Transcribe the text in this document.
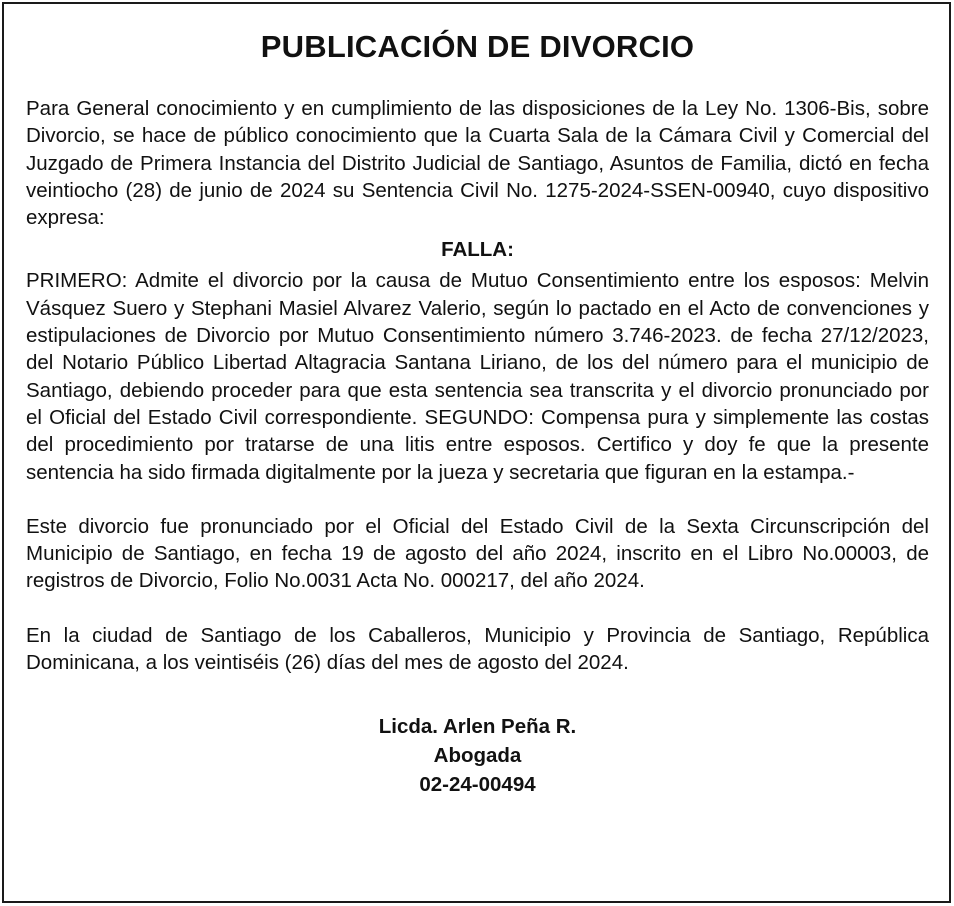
PUBLICACIÓN DE DIVORCIO

Para General conocimiento y en cumplimiento de las disposiciones de la Ley No. 1306-Bis, sobre Divorcio, se hace de público conocimiento que la Cuarta Sala de la Cámara Civil y Comercial del Juzgado de Primera Instancia del Distrito Judicial de Santiago, Asuntos de Familia, dictó en fecha veintiocho (28) de junio de 2024 su Sentencia Civil No. 1275-2024-SSEN-00940, cuyo dispositivo expresa:

FALLA:

PRIMERO: Admite el divorcio por la causa de Mutuo Consentimiento entre los esposos: Melvin Vásquez Suero y Stephani Masiel Alvarez Valerio, según lo pactado en el Acto de convenciones y estipulaciones de Divorcio por Mutuo Consentimiento número 3.746-2023. de fecha 27/12/2023, del Notario Público Libertad Altagracia Santana Liriano, de los del número para el municipio de Santiago, debiendo proceder para que esta sentencia sea transcrita y el divorcio pronunciado por el Oficial del Estado Civil correspondiente. SEGUNDO: Compensa pura y simplemente las costas del procedimiento por tratarse de una litis entre esposos. Certifico y doy fe que la presente sentencia ha sido firmada digitalmente por la jueza y secretaria que figuran en la estampa.-

Este divorcio fue pronunciado por el Oficial del Estado Civil de la Sexta Circunscripción del Municipio de Santiago, en fecha 19 de agosto del año 2024, inscrito en el Libro No.00003, de registros de Divorcio, Folio No.0031 Acta No. 000217, del año 2024.

En la ciudad de Santiago de los Caballeros, Municipio y Provincia de Santiago, República Dominicana, a los veintiséis (26) días del mes de agosto del 2024.

Licda. Arlen Peña R.
Abogada
02-24-00494
